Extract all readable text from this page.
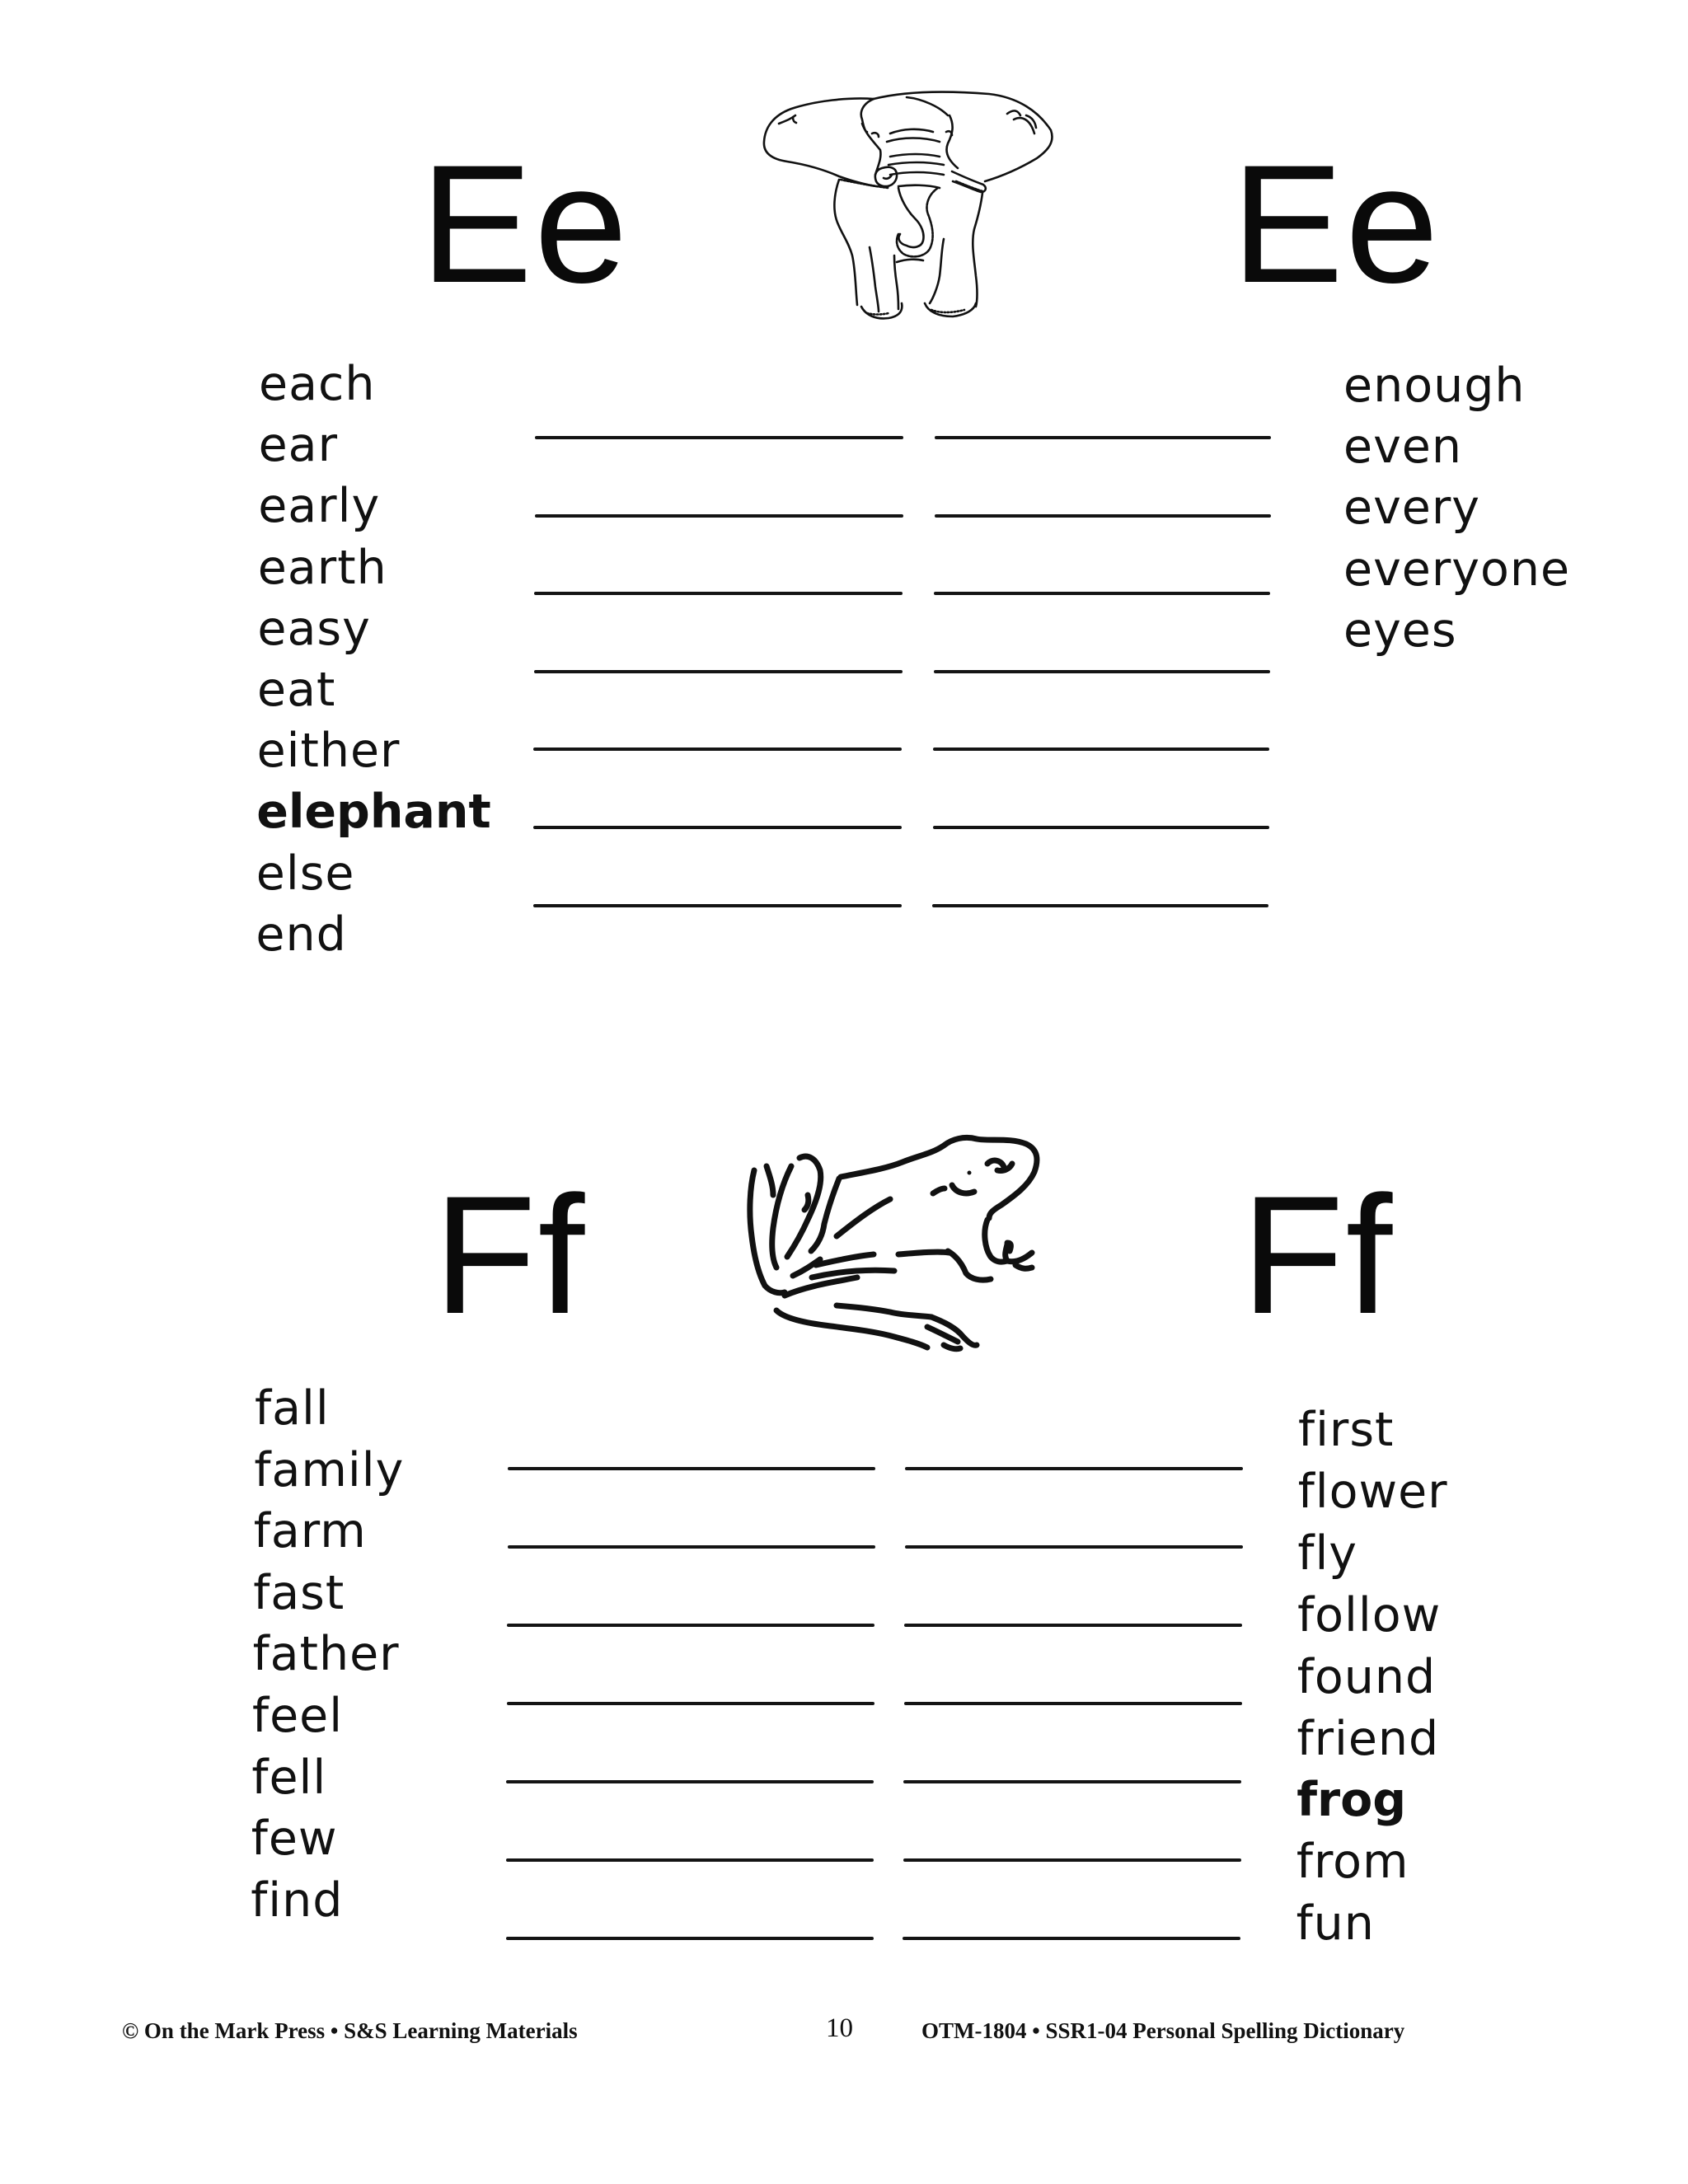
Ee	Ee
each
ear
early
earth
easy
eat
either
elephant
else
end
enough
even
every
everyone
eyes
Ff	Ff
fall
family
farm
fast
father
feel
fell
few
find
first
flower
fly
follow
found
friend
frog
from
fun
© On the Mark Press • S&S Learning Materials	10	OTM-1804 • SSR1-04 Personal Spelling Dictionary
